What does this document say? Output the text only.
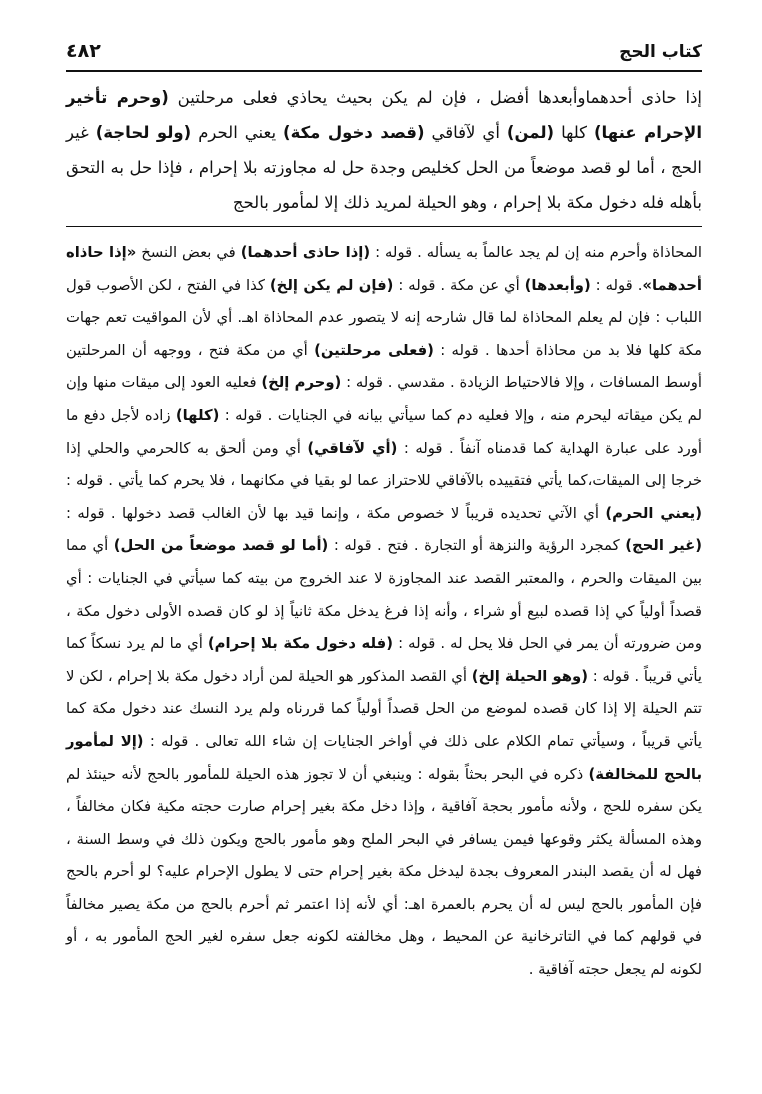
كتاب الحج
٤٨٢

إذا حاذى أحدهماوأبعدها أفضل ، فإن لم يكن بحيث يحاذي فعلى مرحلتين (وحرم تأخير الإحرام عنها) كلها (لمن) أي لآفاقي (قصد دخول مكة) يعني الحرم (ولو لحاجة) غير الحج ، أما لو قصد موضعاً من الحل كخليص وجدة حل له مجاوزته بلا إحرام ، فإذا حل به التحق بأهله فله دخول مكة بلا إحرام ، وهو الحيلة لمريد ذلك إلا لمأمور بالحج

المحاذاة وأحرم منه إن لم يجد عالماً به يسأله . قوله : (إذا حاذى أحدهما) في بعض النسخ «إذا حاذاه أحدهما». قوله : (وأبعدها) أي عن مكة . قوله : (فإن لم يكن إلخ) كذا في الفتح ، لكن الأصوب قول اللباب : فإن لم يعلم المحاذاة لما قال شارحه إنه لا يتصور عدم المحاذاة اهـ. أي لأن المواقيت تعم جهات مكة كلها فلا بد من محاذاة أحدها . قوله : (فعلى مرحلتين) أي من مكة فتح ، ووجهه أن المرحلتين أوسط المسافات ، وإلا فالاحتياط الزيادة . مقدسي . قوله : (وحرم إلخ) فعليه العود إلى ميقات منها وإن لم يكن ميقاته ليحرم منه ، وإلا فعليه دم كما سيأتي بيانه في الجنايات . قوله : (كلها) زاده لأجل دفع ما أورد على عبارة الهداية كما قدمناه آنفاً . قوله : (أي لآفاقي) أي ومن ألحق به كالحرمي والحلي إذا خرجا إلى الميقات،كما يأتي فتقييده بالآفاقي للاحتراز عما لو بقيا في مكانهما ، فلا يحرم كما يأتي . قوله : (يعني الحرم) أي الآتي تحديده قريباً لا خصوص مكة ، وإنما قيد بها لأن الغالب قصد دخولها . قوله : (غير الحج) كمجرد الرؤية والنزهة أو التجارة . فتح . قوله : (أما لو قصد موضعاً من الحل) أي مما بين الميقات والحرم ، والمعتبر القصد عند المجاوزة لا عند الخروج من بيته كما سيأتي في الجنايات : أي قصداً أولياً كي إذا قصده لبيع أو شراء ، وأنه إذا فرغ يدخل مكة ثانياً إذ لو كان قصده الأولى دخول مكة ، ومن ضرورته أن يمر في الحل فلا يحل له . قوله : (فله دخول مكة بلا إحرام) أي ما لم يرد نسكاً كما يأتي قريباً . قوله : (وهو الحيلة إلخ) أي القصد المذكور هو الحيلة لمن أراد دخول مكة بلا إحرام ، لكن لا تتم الحيلة إلا إذا كان قصده لموضع من الحل قصداً أولياً كما قررناه ولم يرد النسك عند دخول مكة كما يأتي قريباً ، وسيأتي تمام الكلام على ذلك في أواخر الجنايات إن شاء الله تعالى . قوله : (إلا لمأمور بالحج للمخالفة) ذكره في البحر بحثاً بقوله : وينبغي أن لا تجوز هذه الحيلة للمأمور بالحج لأنه حينئذ لم يكن سفره للحج ، ولأنه مأمور بحجة آفاقية ، وإذا دخل مكة بغير إحرام صارت حجته مكية فكان مخالفاً ، وهذه المسألة يكثر وقوعها فيمن يسافر في البحر الملح وهو مأمور بالحج ويكون ذلك في وسط السنة ، فهل له أن يقصد البندر المعروف بجدة ليدخل مكة بغير إحرام حتى لا يطول الإحرام عليه؟ لو أحرم بالحج فإن المأمور بالحج ليس له أن يحرم بالعمرة اهـ: أي لأنه إذا اعتمر ثم أحرم بالحج من مكة يصير مخالفاً في قولهم كما في التاترخانية عن المحيط ، وهل مخالفته لكونه جعل سفره لغير الحج المأمور به ، أو لكونه لم يجعل حجته آفاقية .
